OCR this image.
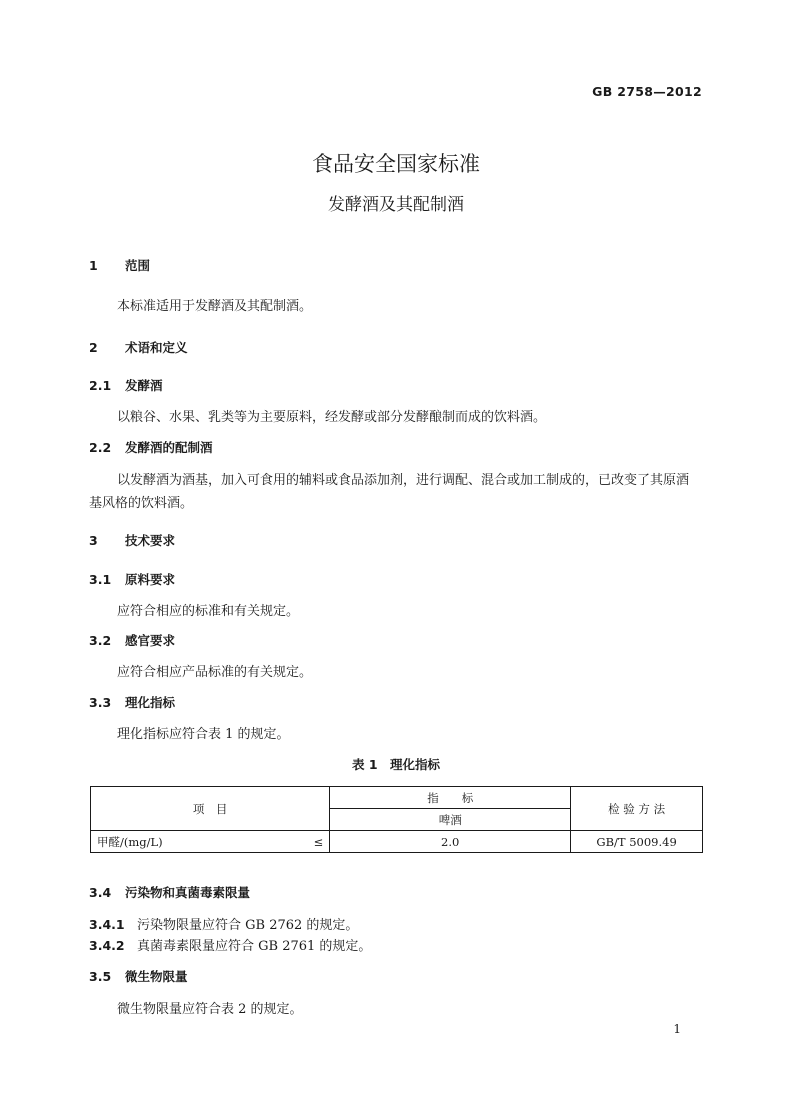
GB 2758—2012
食品安全国家标准
发酵酒及其配制酒
1 范围
本标准适用于发酵酒及其配制酒。
2 术语和定义
2.1 发酵酒
以粮谷、水果、乳类等为主要原料，经发酵或部分发酵酿制而成的饮料酒。
2.2 发酵酒的配制酒
以发酵酒为酒基，加入可食用的辅料或食品添加剂，进行调配、混合或加工制成的，已改变了其原酒
基风格的饮料酒。
3 技术要求
3.1 原料要求
应符合相应的标准和有关规定。
3.2 感官要求
应符合相应产品标准的有关规定。
3.3 理化指标
理化指标应符合表 1 的规定。
表 1　理化指标
项　目		指　　标	检 验 方 法
		啤酒	
甲醛/(mg/L)	≤	2.0	GB/T 5009.49
3.4 污染物和真菌毒素限量
3.4.1 污染物限量应符合 GB 2762 的规定。
3.4.2 真菌毒素限量应符合 GB 2761 的规定。
3.5 微生物限量
微生物限量应符合表 2 的规定。
1
